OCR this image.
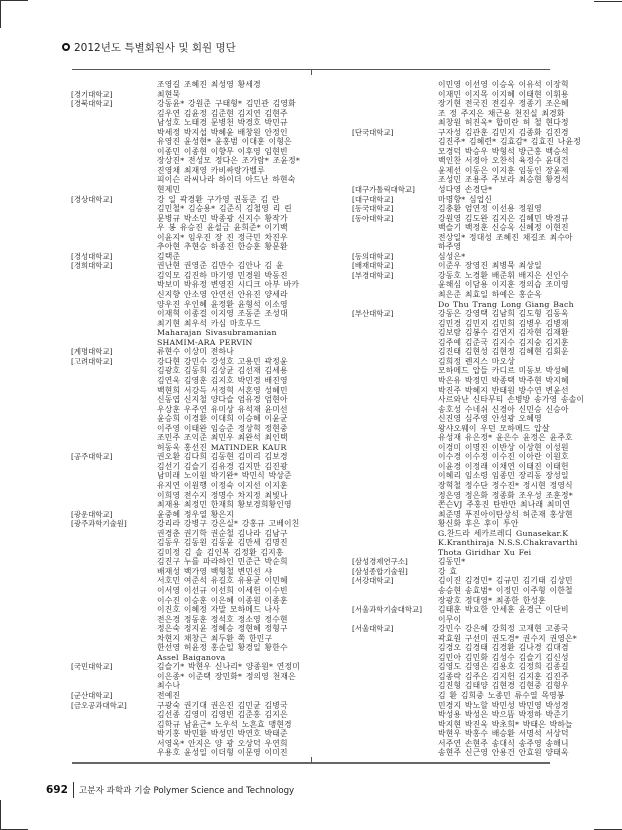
2012년도 특별회원사 및 회원 명단
조영길 조혜진 최성영 황세경
[경기대학교]	최현묵
[경북대학교]	강동윤* 강원준 구태형* 김민관 김영화
김우연 김윤정 김준현 김지연 김현주
남성호 노태경 문병천 박경호 박민규
박세정 박지섭 박혜윤 배창원 안정인
유영진 윤성현* 윤홍범 이대훈 이형은
이종민 이종현 이향무 이후영 임현빈
장상진* 전성모 정다은 조가람* 조윤정*
진영채 최재영 카비싸랑가벨루
피이슨 라씨나라 하이더 아드난 하현숙
현제민
[경상대학교]	강 일 곽경환 구가영 권동준 김 란
김민철* 김승용* 김준식 김철영 리 린
문병규 박소민 박종광 신지수 황작가
우 봉 유승진 윤설금 윤희준* 이기백
이윤지* 임우진 장 진 정극민 차진우
추아현 추현승 하종진 한승훈 황문환
[경성대학교]	김택준
[경희대학교]	권난현 권영준 김만수 김안나 김 윤
김익모 김진하 마기영 민경원 박동진
박보미 박유정 변영진 시디크 아부 바카
신지향 안소영 안연선 안유진 양세라
양우진 우인혜 윤정환 윤형석 이소영
이재혁 이종걸 이지영 조동준 조성대
최기현 최우석 카심 마흐무드
Maharajan Sivasubramanian
SHAMIM-ARA PERVIN
[계명대학교]	류현수 이상미 전하나
[고려대학교]	강다현 강민수 강성호 고용민 곽정윤
김광호 김동희 김상균 김선재 김세용
김연욱 김영훈 김지호 박민경 배진영
백현희 서강득 서정혁 서혼영 성혜민
신동엽 신지철 양다슬 엄유경 엄현아
우상훈 우주연 유미상 유석재 윤미선
윤승희 이경환 이대희 이승혜 이윤균
이주영 이태완 임승준 정상혁 정현중
조민주 조익준 최민우 최완석 최인택
허동욱 홍선진 MATINDER KAUR
[공주대학교]	권오환 김다희 김동현 김미리 김보경
김선기 김슬기 김유경 김지만 김진광
남미래 노이원 박기완* 박민식 박상준
유지연 이원행 이정숙 이지선 이지훈
이희영 전수지 정명수 차지정 최빛나
최재용 최정민 한재희 황보경희황인영
[광운대학교]	윤중혜 정우열 황은지
[광주과학기술원]	강리라 강병구 강은실* 강홍규 고베이친
권경춘 권기학 권순철 김나라 김남구
김동우 김동원 김동윤 김만세 김명진
김미정 김 솔 김인복 김정환 김지홍
김진구 누를 파라하인 민준근 박순희
배재성 백가영 백형철 변민선 샤
서호민 여준석 유길호 유용균 이민혜
이서영 이선규 이선희 이세헌 이수빈
이수진 이승훈 이은혜 이종원 이종훈
이진호 이혜정 자말 모하메드 나사
전은경 정동훈 정석호 정소영 정수현
정은숙 정지윤 정혜승 정현혜 정형구
차현지 채창근 최두환 쭉 한민구
한선영 허윤정 홍순일 황경일 황한수
Assel Baiganova
[국민대학교]	김슬기* 박현우 신나리* 양종원* 연정미
이은종* 이준택 장민화* 정의영 천재은
최수나
[군산대학교]	전예진
[금오공과대학교]	구광숙 권기대 권은진 김민균 김병국
김선종 김영미 김영빈 김준홍 김지은
김학규 남윤근* 노우석 노흔효 맹현경
박기홍 박민환 박성민 박연호 박태준
서영욱* 안지은 양 광 오상덕 우연희
우용호 윤성일 이더형 이문영 이미진
이민영 이선영 이승욱 이유석 이장혁
이재민 이지목 이지혜 이태현 이휘용
장기현 전국진 전길우 정종기 조은혜
조 정 주지은 채근용 천진실 최경화
최창원 허진욱* 합미란 허 철 현다정
[단국대학교]	구자성 김관훈 김민지 김종화 김진경
김진주* 김혜련* 김효감* 김효진 나윤정
모경덕 박승우 박형석 방근홍 백승석
백인찬 서정아 오찬석 육정수 윤대건
윤제선 이동은 이지훈 임동인 장윤제
조성민 조용주 주보라 최승현 황경석
[대구가톨릭대학교]	성다영 손경단*
[대구대학교]	마명향* 심업신
[동국대학교]	김충환 엄연정 이선용 정원영
[동아대학교]	강원영 김도완 김지은 김혜민 박경규
백슬기 백정훈 신승옥 신혜정 이현진
전상일* 정대성 조혜진 채길조 최수아
하주영
[동의대학교]	심성은*
[배재대학교]	이준우 장영진 최병묵 최상일
[부경대학교]	강동호 노경환 배준휘 배지은 신인수
윤해심 이담용 이지훈 정의습 조미영
최은준 최효일 하예은 홍순옥
Do Thu Trang Long Giang Bach
[부산대학교]	강동은 강영택 김남희 김도형 김동욱
김민경 김민지 김민희 김병우 김병재
김보람 김봉수 김연지 김자현 김재환
김주예 김준국 김지수 김지숭 김지훈
김진태 김현성 김현정 김혜현 김회운
김희정 렌지스 마오상
모하메드 압들 카디르 미동보 박성혜
박은유 박정민 박종택 박주현 박지혜
박진주 박혜지 반태원 방수연 변윤선
사르와난 신타무티 손병방 송가영 송솔이
송호성 수네쉬 신경아 신민승 신승아
신진영 심주영 안성광 오혜영
왕샤오웨이 우던 모하메드 압살
유성재 유은정* 윤은수 윤정은 윤주호
이경미 이명진 이반상 이상현 이성원
이수경 이수정 이수진 이아란 이원호
이윤경 이정래 이채연 이태진 이태헌
이혜리 임소령 임종민 장리동 장성일
장혁철 정수단 정수진* 정시현 정영식
정은영 정은화 정종화 조우성 조훈정*
쫀슨VJ 주홍진 탄반만 최나래 최미연
최준명 푸진아이탄상석 허준재 홍상현
황신화 후은 후이 투안
G.찬드라 세카르레디 Gunasekar.K
K.Kranthiraja N.S.S.Chakravarthi
Thota Giridhar Xu Fei
[삼성경제연구소]	김동민*
[삼성종합기술원]	강 효
[서강대학교]	김이진 김경민* 김규민 김기태 김상민
송승현 송효범* 이정민 이주형 이한철
장광호 정대영* 최종한 한성훈
[서울과학기술대학교]	김태훈 박요한 안세훈 윤경근 이단비
이무이
[서울대학교]	강민수 강은혜 강희정 고재현 고종국
곽효원 구선미 권도경* 권수지 권영은*
김경오 김경태 김경환 김나경 김대겸
김민아 김민화 김성수 김슬기 김신성
김영도 김영은 김용호 김정희 김종길
김종락 김주은 김지헌 김지훈 김진주
김진형 김태양 김현경 김현중 김형우
김 환 김희중 노종민 류수열 목영봉
민경지 박노할 박민성 박민영 박성경
박성용 박성은 박으뜸 박정하 박준기
박지현 박진욱 박초희* 박태은 박하늘
박현우 박홍수 배승환 서명석 서상덕
서주연 손현주 송대식 송주영 송해니
송현주 신근영 안용건 안효원 양태욱
692 고분자 과학과 기술 Polymer Science and Technology
